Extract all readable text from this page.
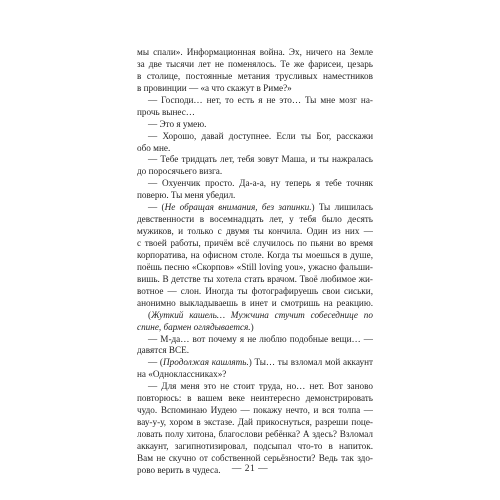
мы спали». Информационная война. Эх, ничего на Земле
за две тысячи лет не поменялось. Те же фарисеи, цезарь
в столице, постоянные метания трусливых наместников
в провинции — «а что скажут в Риме?»
— Господи… нет, то есть я не это… Ты мне мозг на-
прочь вынес…
— Это я умею.
— Хорошо, давай доступнее. Если ты Бог, расскажи
обо мне.
— Тебе тридцать лет, тебя зовут Маша, и ты нажралась
до поросячьего визга.
— Охуенчик просто. Да-а-а, ну теперь я тебе точняк
поверю. Ты меня убедил.
— (Не обращая внимания, без запинки.) Ты лишилась
девственности в восемнадцать лет, у тебя было десять
мужиков, и только с двумя ты кончила. Один из них —
с твоей работы, причём всё случилось по пьяни во время
корпоратива, на офисном столе. Когда ты моешься в душе,
поёшь песню «Скорпов» «Still loving you», ужасно фальши-
вишь. В детстве ты хотела стать врачом. Твоё любимое жи-
вотное — слон. Иногда ты фотографируешь свои сиськи,
анонимно выкладываешь в инет и смотришь на реакцию.
(Жуткий кашель… Мужчина стучит собеседнице по
спине, бармен оглядывается.)
— М-да… вот почему я не люблю подобные вещи… —
давятся ВСЕ.
— (Продолжая кашлять.) Ты… ты взломал мой аккаунт
на «Одноклассниках»?
— Для меня это не стоит труда, но… нет. Вот заново
повторюсь: в вашем веке неинтересно демонстрировать
чудо. Вспоминаю Иудею — покажу нечто, и вся толпа —
вау-у-у, хором в экстазе. Дай прикоснуться, разреши поце-
ловать полу хитона, благослови ребёнка? А здесь? Взломал
аккаунт, загипнотизировал, подсыпал что-то в напиток.
Вам не скучно от собственной серьёзности? Ведь так здо-
рово верить в чудеса.	— 21 —
